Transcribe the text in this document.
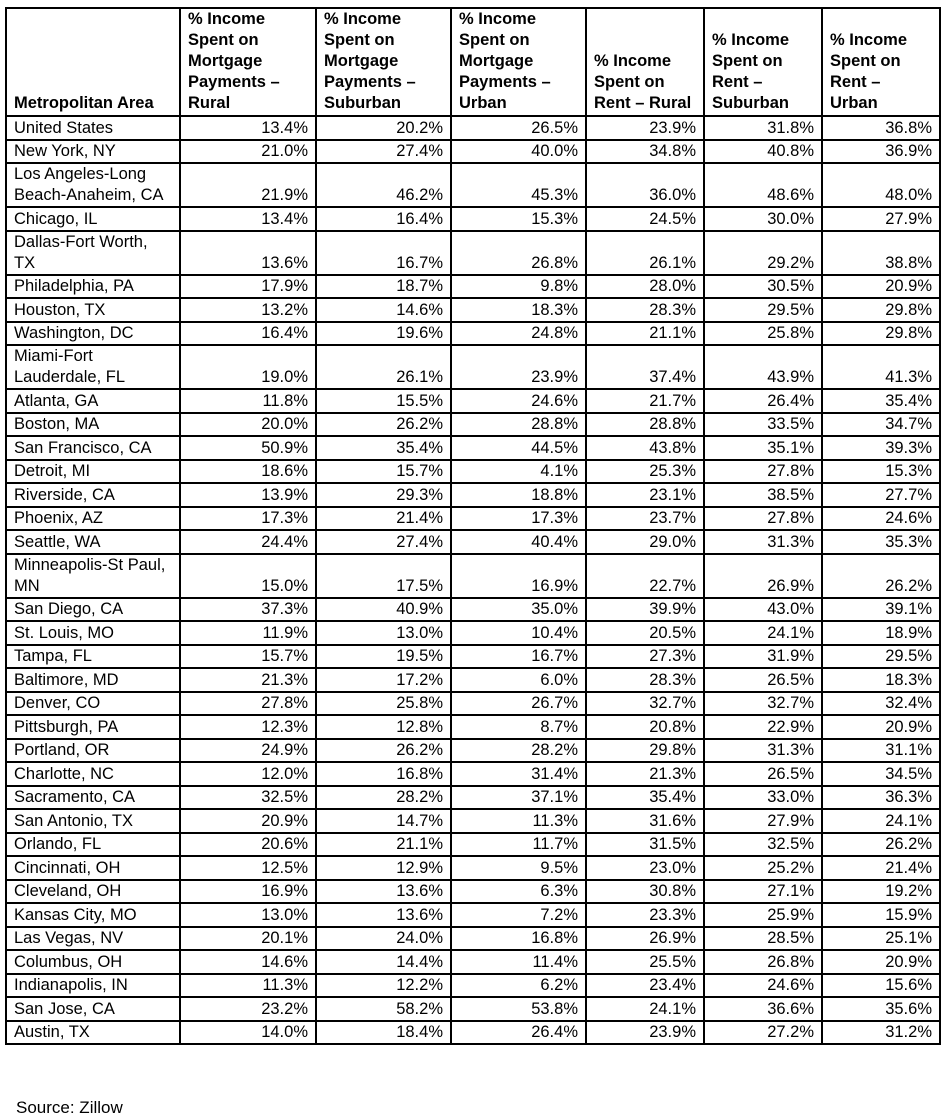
Metropolitan Area	% Income Spent on Mortgage Payments – Rural	% Income Spent on Mortgage Payments – Suburban	% Income Spent on Mortgage Payments – Urban	% Income Spent on Rent – Rural	% Income Spent on Rent – Suburban	% Income Spent on Rent – Urban
United States	13.4%	20.2%	26.5%	23.9%	31.8%	36.8%
New York, NY	21.0%	27.4%	40.0%	34.8%	40.8%	36.9%
Los Angeles-Long Beach-Anaheim, CA	21.9%	46.2%	45.3%	36.0%	48.6%	48.0%
Chicago, IL	13.4%	16.4%	15.3%	24.5%	30.0%	27.9%
Dallas-Fort Worth, TX	13.6%	16.7%	26.8%	26.1%	29.2%	38.8%
Philadelphia, PA	17.9%	18.7%	9.8%	28.0%	30.5%	20.9%
Houston, TX	13.2%	14.6%	18.3%	28.3%	29.5%	29.8%
Washington, DC	16.4%	19.6%	24.8%	21.1%	25.8%	29.8%
Miami-Fort Lauderdale, FL	19.0%	26.1%	23.9%	37.4%	43.9%	41.3%
Atlanta, GA	11.8%	15.5%	24.6%	21.7%	26.4%	35.4%
Boston, MA	20.0%	26.2%	28.8%	28.8%	33.5%	34.7%
San Francisco, CA	50.9%	35.4%	44.5%	43.8%	35.1%	39.3%
Detroit, MI	18.6%	15.7%	4.1%	25.3%	27.8%	15.3%
Riverside, CA	13.9%	29.3%	18.8%	23.1%	38.5%	27.7%
Phoenix, AZ	17.3%	21.4%	17.3%	23.7%	27.8%	24.6%
Seattle, WA	24.4%	27.4%	40.4%	29.0%	31.3%	35.3%
Minneapolis-St Paul, MN	15.0%	17.5%	16.9%	22.7%	26.9%	26.2%
San Diego, CA	37.3%	40.9%	35.0%	39.9%	43.0%	39.1%
St. Louis, MO	11.9%	13.0%	10.4%	20.5%	24.1%	18.9%
Tampa, FL	15.7%	19.5%	16.7%	27.3%	31.9%	29.5%
Baltimore, MD	21.3%	17.2%	6.0%	28.3%	26.5%	18.3%
Denver, CO	27.8%	25.8%	26.7%	32.7%	32.7%	32.4%
Pittsburgh, PA	12.3%	12.8%	8.7%	20.8%	22.9%	20.9%
Portland, OR	24.9%	26.2%	28.2%	29.8%	31.3%	31.1%
Charlotte, NC	12.0%	16.8%	31.4%	21.3%	26.5%	34.5%
Sacramento, CA	32.5%	28.2%	37.1%	35.4%	33.0%	36.3%
San Antonio, TX	20.9%	14.7%	11.3%	31.6%	27.9%	24.1%
Orlando, FL	20.6%	21.1%	11.7%	31.5%	32.5%	26.2%
Cincinnati, OH	12.5%	12.9%	9.5%	23.0%	25.2%	21.4%
Cleveland, OH	16.9%	13.6%	6.3%	30.8%	27.1%	19.2%
Kansas City, MO	13.0%	13.6%	7.2%	23.3%	25.9%	15.9%
Las Vegas, NV	20.1%	24.0%	16.8%	26.9%	28.5%	25.1%
Columbus, OH	14.6%	14.4%	11.4%	25.5%	26.8%	20.9%
Indianapolis, IN	11.3%	12.2%	6.2%	23.4%	24.6%	15.6%
San Jose, CA	23.2%	58.2%	53.8%	24.1%	36.6%	35.6%
Austin, TX	14.0%	18.4%	26.4%	23.9%	27.2%	31.2%
Source: Zillow
